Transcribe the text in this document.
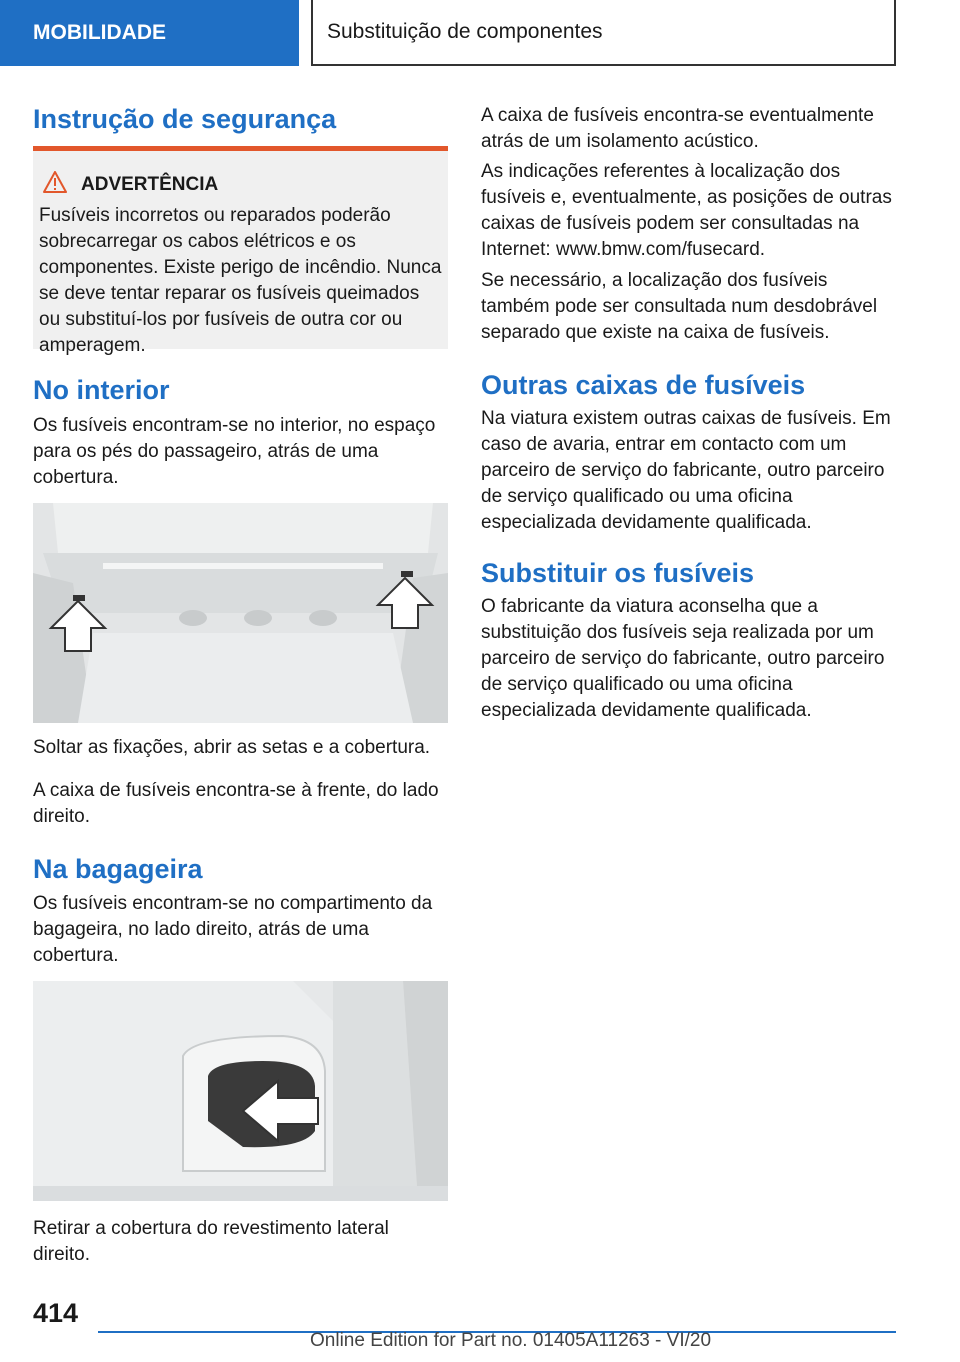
MOBILIDADE	Substituição de componentes
Instrução de segurança
ADVERTÊNCIA

Fusíveis incorretos ou reparados poderão sobrecarregar os cabos elétricos e os componentes. Existe perigo de incêndio. Nunca se deve tentar reparar os fusíveis queimados ou substituí-los por fusíveis de outra cor ou amperagem.

No interior

Os fusíveis encontram-se no interior, no espaço para os pés do passageiro, atrás de uma cobertura.

Soltar as fixações, abrir as setas e a cobertura.

A caixa de fusíveis encontra-se à frente, do lado direito.

Na bagageira

Os fusíveis encontram-se no compartimento da bagageira, no lado direito, atrás de uma cobertura.

Retirar a cobertura do revestimento lateral direito.

A caixa de fusíveis encontra-se eventualmente atrás de um isolamento acústico.

As indicações referentes à localização dos fusíveis e, eventualmente, as posições de outras caixas de fusíveis podem ser consultadas na Internet: www.bmw.com/fusecard.

Se necessário, a localização dos fusíveis também pode ser consultada num desdobrável separado que existe na caixa de fusíveis.

Outras caixas de fusíveis

Na viatura existem outras caixas de fusíveis. Em caso de avaria, entrar em contacto com um parceiro de serviço do fabricante, outro parceiro de serviço qualificado ou uma oficina especializada devidamente qualificada.

Substituir os fusíveis

O fabricante da viatura aconselha que a substituição dos fusíveis seja realizada por um parceiro de serviço do fabricante, outro parceiro de serviço qualificado ou uma oficina especializada devidamente qualificada.

414
Online Edition for Part no. 01405A11263 - VI/20
